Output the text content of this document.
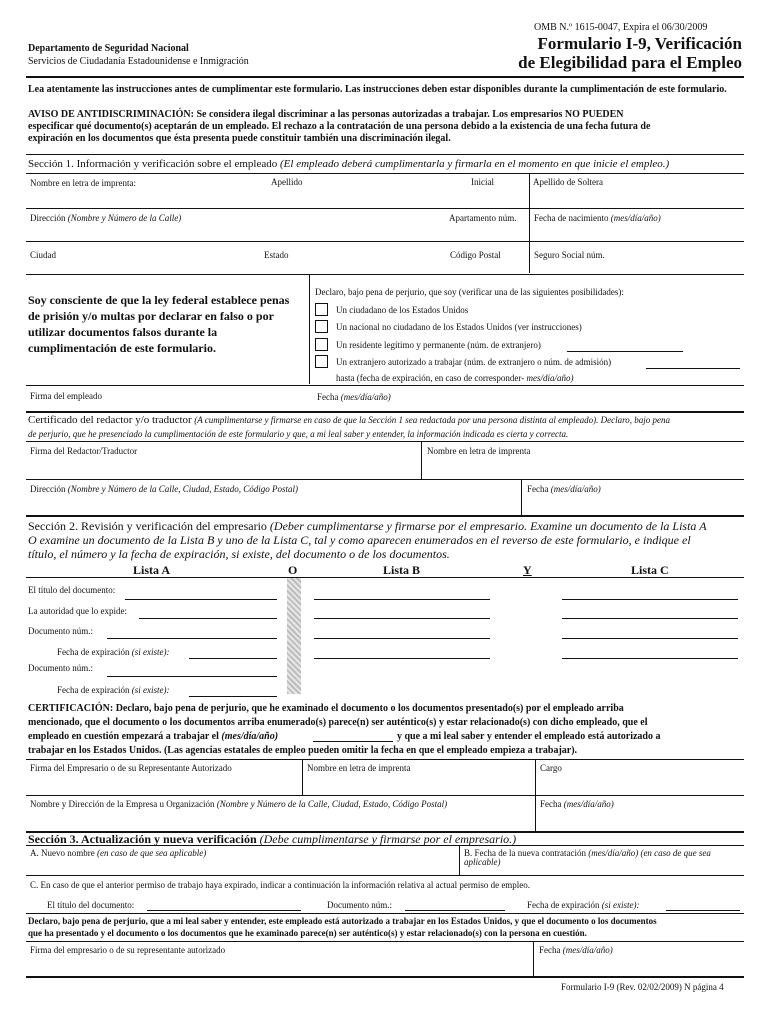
OMB N.º 1615-0047, Expira el 06/30/2009
Departamento de Seguridad Nacional
Servicios de Ciudadanía Estadounidense e Inmigración
Formulario I-9, Verificación
de Elegibilidad para el Empleo
Lea atentamente las instrucciones antes de cumplimentar este formulario. Las instrucciones deben estar disponibles durante la cumplimentación de este formulario.
AVISO DE ANTIDISCRIMINACIÓN: Se considera ilegal discriminar a las personas autorizadas a trabajar. Los empresarios NO PUEDEN
especificar qué documento(s) aceptarán de un empleado. El rechazo a la contratación de una persona debido a la existencia de una fecha futura de
expiración en los documentos que ésta presenta puede constituir también una discriminación ilegal.
Sección 1. Información y verificación sobre el empleado (El empleado deberá cumplimentarla y firmarla en el momento en que inicie el empleo.)
Nombre en letra de imprenta:	Apellido	Inicial	Apellido de Soltera
Dirección (Nombre y Número de la Calle)	Apartamento núm. Fecha de nacimiento (mes/día/año)
Ciudad	Estado	Código Postal	Seguro Social núm.
Soy consciente de que la ley federal establece penas
de prisión y/o multas por declarar en falso o por
utilizar documentos falsos durante la
cumplimentación de este formulario.
Declaro, bajo pena de perjurio, que soy (verificar una de las siguientes posibilidades):
Un ciudadano de los Estados Unidos
Un nacional no ciudadano de los Estados Unidos (ver instrucciones)
Un residente legítimo y permanente (núm. de extranjero)
Un extranjero autorizado a trabajar (núm. de extranjero o núm. de admisión)
hasta (fecha de expiración, en caso de corresponder- mes/día/año)
Firma del empleado	Fecha (mes/día/año)
Certificado del redactor y/o traductor (A cumplimentarse y firmarse en caso de que la Sección 1 sea redactada por una persona distinta al empleado). Declaro, bajo pena
de perjurio, que he presenciado la cumplimentación de este formulario y que, a mi leal saber y entender, la información indicada es cierta y correcta.
Firma del Redactor/Traductor	Nombre en letra de imprenta
Dirección (Nombre y Número de la Calle, Ciudad, Estado, Código Postal)	Fecha (mes/día/año)
Sección 2. Revisión y verificación del empresario (Deber cumplimentarse y firmarse por el empresario. Examine un documento de la Lista A
O examine un documento de la Lista B y uno de la Lista C, tal y como aparecen enumerados en el reverso de este formulario, e indique el
título, el número y la fecha de expiración, si existe, del documento o de los documentos.
Lista A	O	Lista B	Y	Lista C
El título del documento:
La autoridad que lo expide:
Documento núm.:
Fecha de expiración (si existe):
Documento núm.:
Fecha de expiración (si existe):
CERTIFICACIÓN: Declaro, bajo pena de perjurio, que he examinado el documento o los documentos presentado(s) por el empleado arriba
mencionado, que el documento o los documentos arriba enumerado(s) parece(n) ser auténtico(s) y estar relacionado(s) con dicho empleado, que el
empleado en cuestión empezará a trabajar el (mes/día/año)	y que a mi leal saber y entender el empleado está autorizado a
trabajar en los Estados Unidos. (Las agencias estatales de empleo pueden omitir la fecha en que el empleado empieza a trabajar).
Firma del Empresario o de su Representante Autorizado	Nombre en letra de imprenta	Cargo
Nombre y Dirección de la Empresa u Organización (Nombre y Número de la Calle, Ciudad, Estado, Código Postal)	Fecha (mes/día/año)
Sección 3. Actualización y nueva verificación (Debe cumplimentarse y firmarse por el empresario.)
A. Nuevo nombre (en caso de que sea aplicable)	B. Fecha de la nueva contratación (mes/día/año) (en caso de que sea
aplicable)
C. En caso de que el anterior permiso de trabajo haya expirado, indicar a continuación la información relativa al actual permiso de empleo.
El título del documento:	Documento núm.:	Fecha de expiración (si existe):
Declaro, bajo pena de perjurio, que a mi leal saber y entender, este empleado está autorizado a trabajar en los Estados Unidos, y que el documento o los documentos
que ha presentado y el documento o los documentos que he examinado parece(n) ser auténtico(s) y estar relacionado(s) con la persona en cuestión.
Firma del empresario o de su representante autorizado	Fecha (mes/día/año)
Formulario I-9 (Rev. 02/02/2009) N página 4
